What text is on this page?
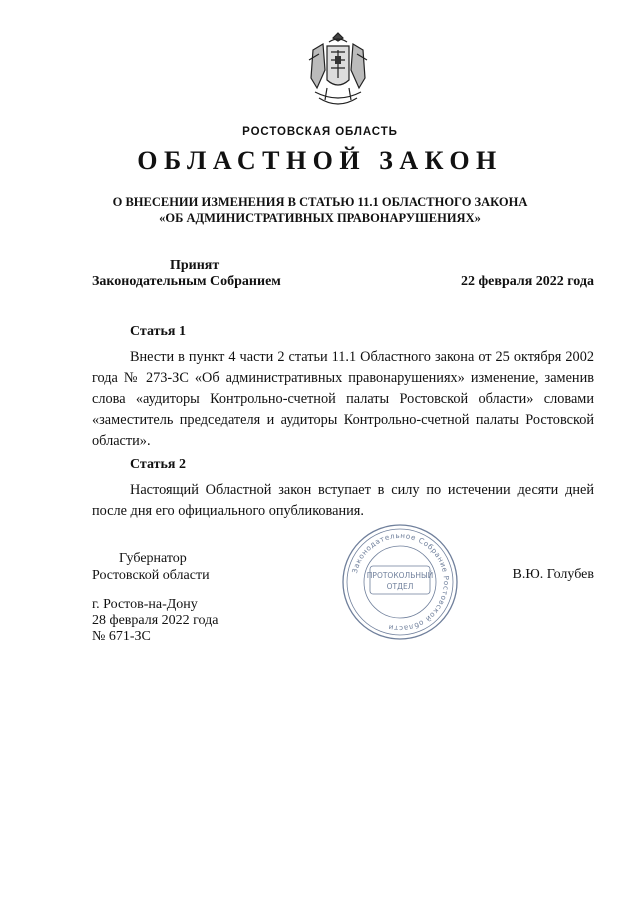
РОСТОВСКАЯ ОБЛАСТЬ

ОБЛАСТНОЙ ЗАКОН

О ВНЕСЕНИИ ИЗМЕНЕНИЯ В СТАТЬЮ 11.1 ОБЛАСТНОГО ЗАКОНА
«ОБ АДМИНИСТРАТИВНЫХ ПРАВОНАРУШЕНИЯХ»

Принят

Законодательным Собранием	22 февраля 2022 года

Статья 1

Внести в пункт 4 части 2 статьи 11.1 Областного закона от 25 октября 2002 года № 273-ЗС «Об административных правонарушениях» изменение, заменив слова «аудиторы Контрольно-счетной палаты Ростовской области» словами «заместитель председателя и аудиторы Контрольно-счетной палаты Ростовской области».

Статья 2

Настоящий Областной закон вступает в силу по истечении десяти дней после дня его официального опубликования.

Губернатор
Ростовской области	Законодательное Собрание Ростовской области
ПРОТОКОЛЬНЫЙ
ОТДЕЛ

В.Ю. Голубев

г. Ростов-на-Дону
28 февраля 2022 года
№ 671-ЗС
